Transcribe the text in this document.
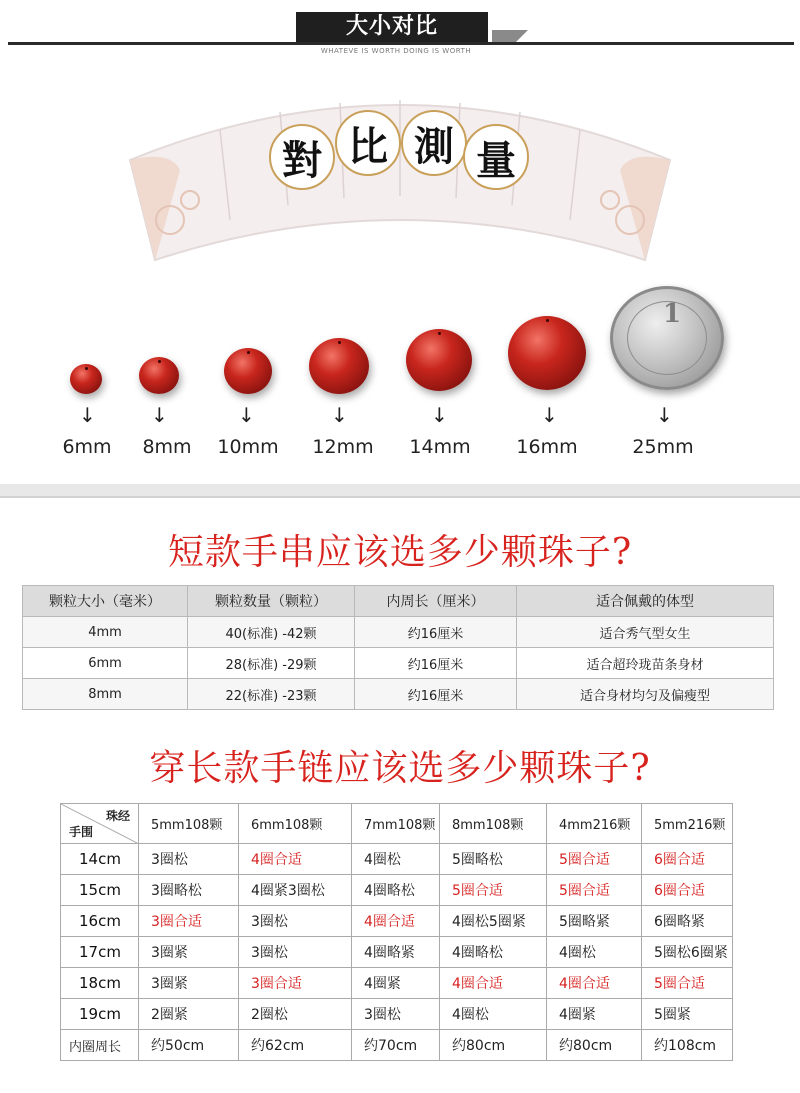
大小对比
WHATEVE IS WORTH DOING IS WORTH
對 比 測 量
1
↓	↓	↓	↓	↓	↓	↓
6mm	8mm	10mm	12mm	14mm	16mm	25mm
短款手串应该选多少颗珠子?
颗粒大小（毫米）	颗粒数量（颗粒）	内周长（厘米）	适合佩戴的体型
4mm	40(标准) -42颗	约16厘米	适合秀气型女生
6mm	28(标准) -29颗	约16厘米	适合超玲珑苗条身材
8mm	22(标准) -23颗	约16厘米	适合身材均匀及偏瘦型
穿长款手链应该选多少颗珠子?
珠经
手围	5mm108颗	6mm108颗	7mm108颗	8mm108颗	4mm216颗	5mm216颗
14cm	3圈松	4圈合适	4圈松	5圈略松	5圈合适	6圈合适
15cm	3圈略松	4圈紧3圈松	4圈略松	5圈合适	5圈合适	6圈合适
16cm	3圈合适	3圈松	4圈合适	4圈松5圈紧	5圈略紧	6圈略紧
17cm	3圈紧	3圈松	4圈略紧	4圈略松	4圈松	5圈松6圈紧
18cm	3圈紧	3圈合适	4圈紧	4圈合适	4圈合适	5圈合适
19cm	2圈紧	2圈松	3圈松	4圈松	4圈紧	5圈紧
内圈周长	约50cm	约62cm	约70cm	约80cm	约80cm	约108cm
